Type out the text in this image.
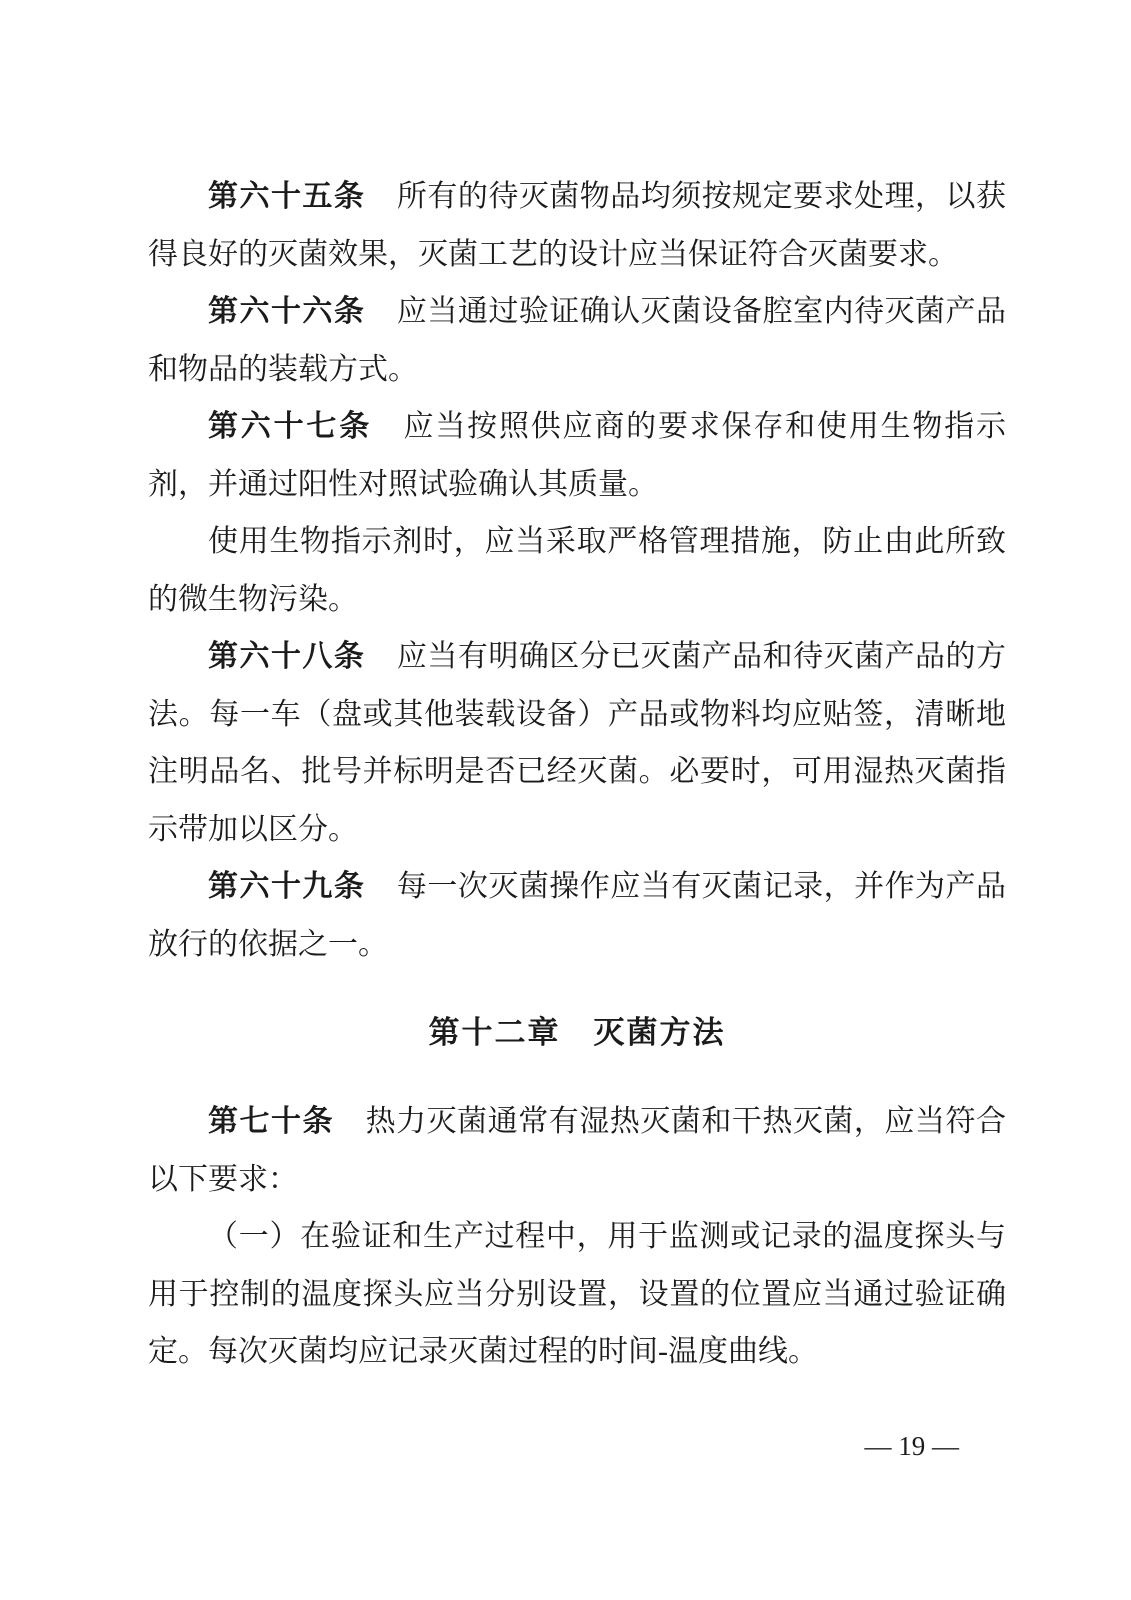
第六十五条 所有的待灭菌物品均须按规定要求处理，以获得良好的灭菌效果，灭菌工艺的设计应当保证符合灭菌要求。

第六十六条 应当通过验证确认灭菌设备腔室内待灭菌产品和物品的装载方式。

第六十七条 应当按照供应商的要求保存和使用生物指示剂，并通过阳性对照试验确认其质量。

使用生物指示剂时，应当采取严格管理措施，防止由此所致的微生物污染。

第六十八条 应当有明确区分已灭菌产品和待灭菌产品的方法。每一车（盘或其他装载设备）产品或物料均应贴签，清晰地注明品名、批号并标明是否已经灭菌。必要时，可用湿热灭菌指示带加以区分。

第六十九条 每一次灭菌操作应当有灭菌记录，并作为产品放行的依据之一。

第十二章　灭菌方法

第七十条 热力灭菌通常有湿热灭菌和干热灭菌，应当符合以下要求：

（一）在验证和生产过程中，用于监测或记录的温度探头与用于控制的温度探头应当分别设置，设置的位置应当通过验证确定。每次灭菌均应记录灭菌过程的时间-温度曲线。

— 19 —
